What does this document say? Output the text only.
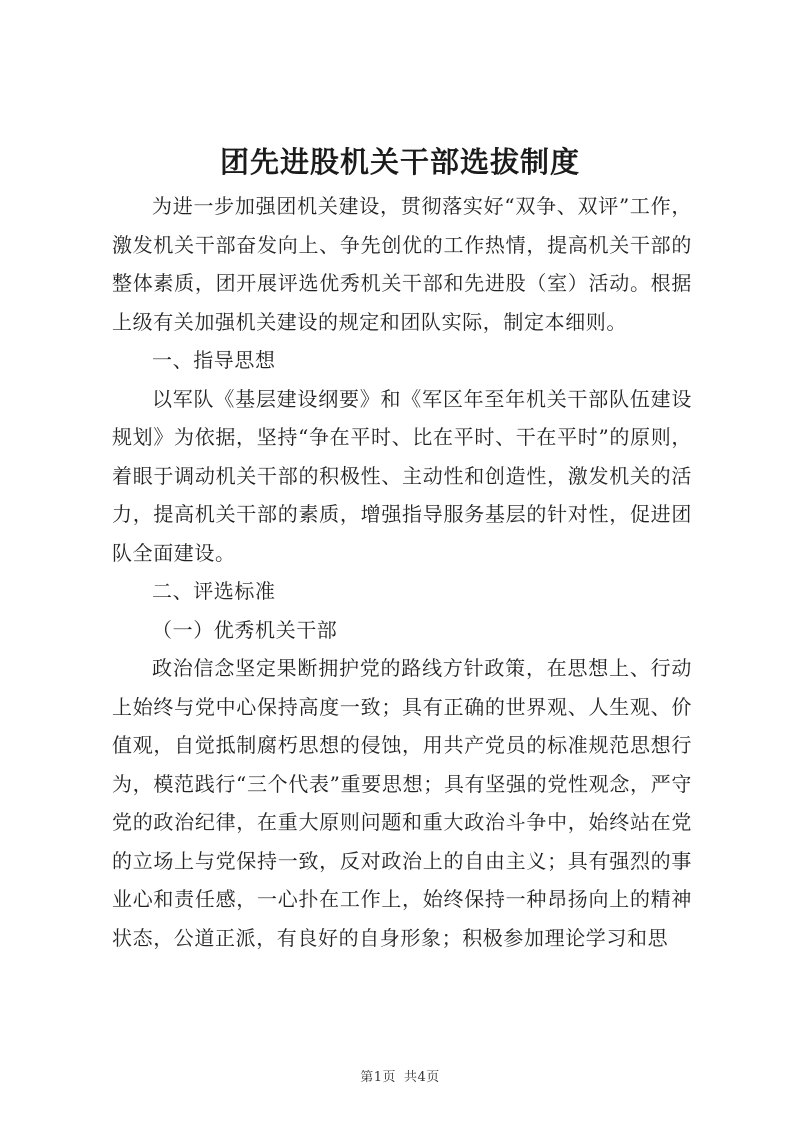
团先进股机关干部选拔制度

为进一步加强团机关建设，贯彻落实好“双争、双评”工作，激发机关干部奋发向上、争先创优的工作热情，提高机关干部的整体素质，团开展评选优秀机关干部和先进股（室）活动。根据上级有关加强机关建设的规定和团队实际，制定本细则。

一、指导思想

以军队《基层建设纲要》和《军区年至年机关干部队伍建设规划》为依据，坚持“争在平时、比在平时、干在平时”的原则，着眼于调动机关干部的积极性、主动性和创造性，激发机关的活力，提高机关干部的素质，增强指导服务基层的针对性，促进团队全面建设。

二、评选标准

（一）优秀机关干部

政治信念坚定果断拥护党的路线方针政策，在思想上、行动上始终与党中心保持高度一致；具有正确的世界观、人生观、价值观，自觉抵制腐朽思想的侵蚀，用共产党员的标准规范思想行为，模范践行“三个代表”重要思想；具有坚强的党性观念，严守党的政治纪律，在重大原则问题和重大政治斗争中，始终站在党的立场上与党保持一致，反对政治上的自由主义；具有强烈的事业心和责任感，一心扑在工作上，始终保持一种昂扬向上的精神状态，公道正派，有良好的自身形象；积极参加理论学习和思

第1页 共4页
